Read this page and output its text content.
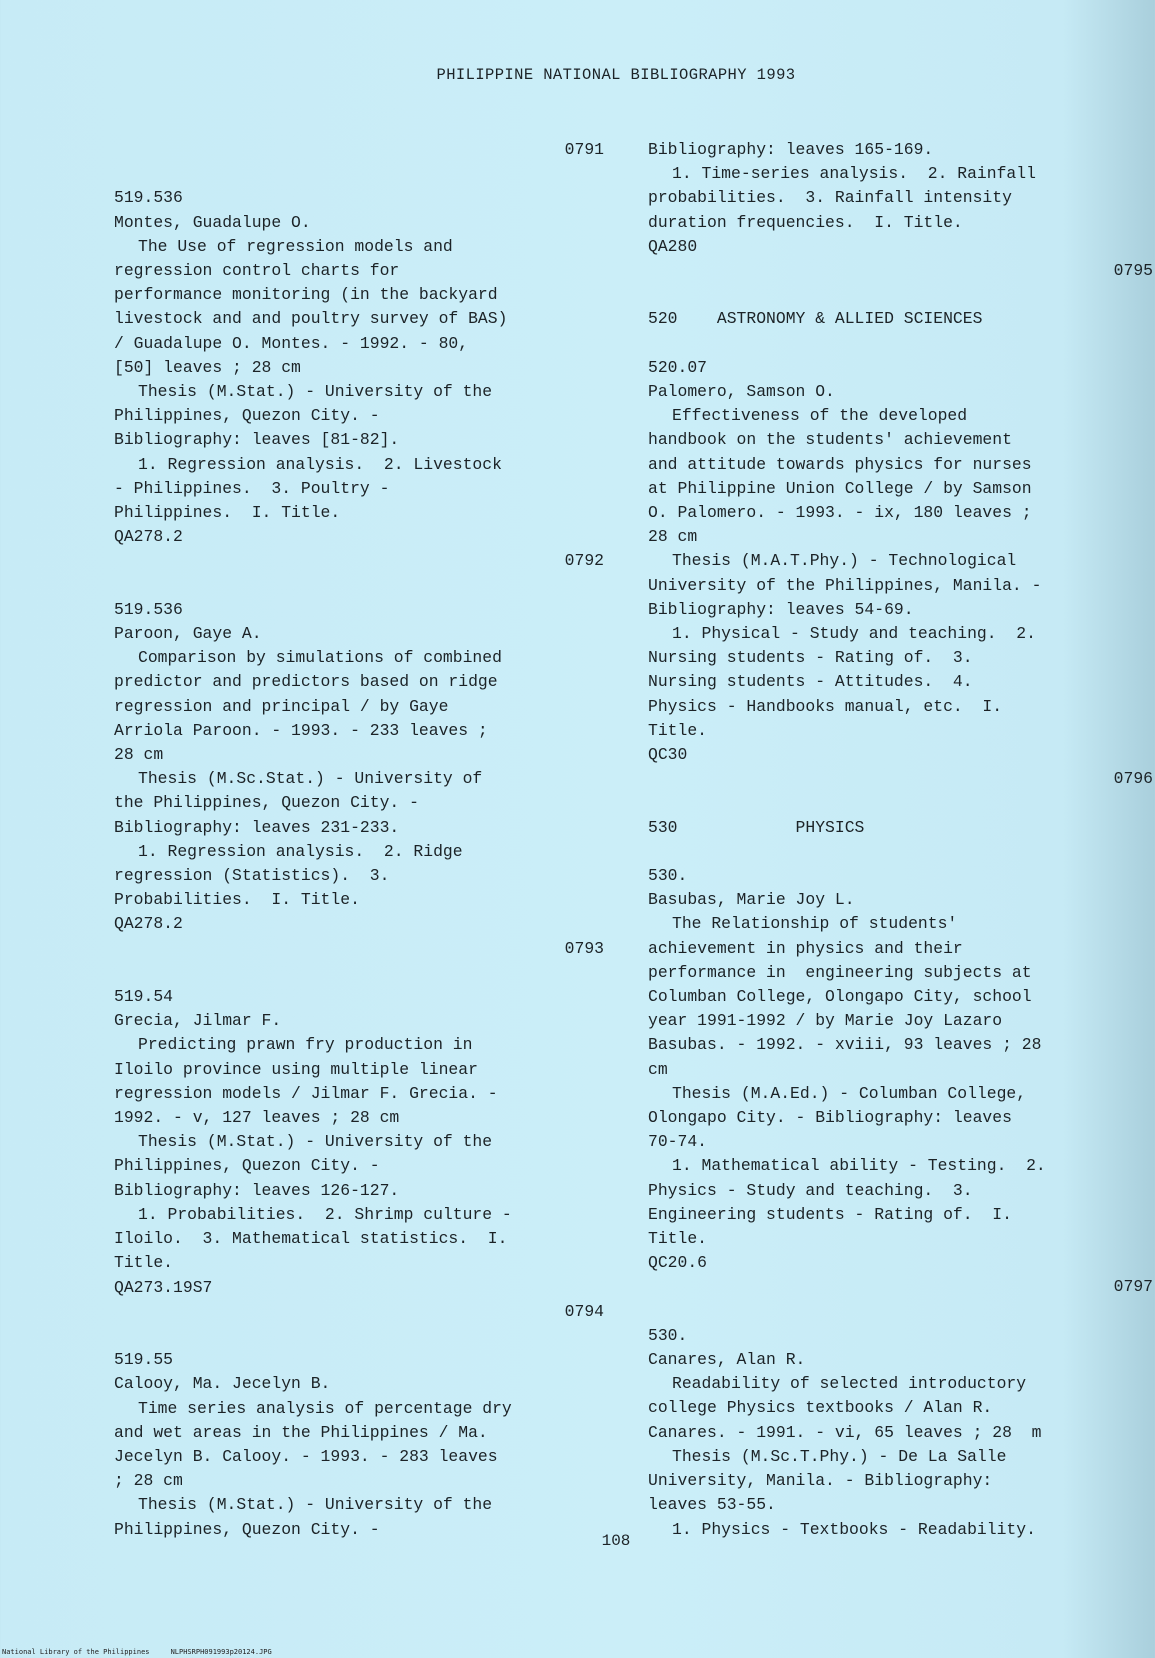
PHILIPPINE NATIONAL BIBLIOGRAPHY 1993
0791
519.536
Montes, Guadalupe O.
The Use of regression models and
regression control charts for
performance monitoring (in the backyard
livestock and and poultry survey of BAS)
/ Guadalupe O. Montes. - 1992. - 80,
[50] leaves ; 28 cm
Thesis (M.Stat.) - University of the
Philippines, Quezon City. -
Bibliography: leaves [81-82].
1. Regression analysis.  2. Livestock
- Philippines.  3. Poultry -
Philippines.  I. Title.
QA278.2
0792
519.536
Paroon, Gaye A.
Comparison by simulations of combined
predictor and predictors based on ridge
regression and principal / by Gaye
Arriola Paroon. - 1993. - 233 leaves ;
28 cm
Thesis (M.Sc.Stat.) - University of
the Philippines, Quezon City. -
Bibliography: leaves 231-233.
1. Regression analysis.  2. Ridge
regression (Statistics).  3.
Probabilities.  I. Title.
QA278.2
0793
519.54
Grecia, Jilmar F.
Predicting prawn fry production in
Iloilo province using multiple linear
regression models / Jilmar F. Grecia. -
1992. - v, 127 leaves ; 28 cm
Thesis (M.Stat.) - University of the
Philippines, Quezon City. -
Bibliography: leaves 126-127.
1. Probabilities.  2. Shrimp culture -
Iloilo.  3. Mathematical statistics.  I.
Title.
QA273.19S7
0794
519.55
Calooy, Ma. Jecelyn B.
Time series analysis of percentage dry
and wet areas in the Philippines / Ma.
Jecelyn B. Calooy. - 1993. - 283 leaves
; 28 cm
Thesis (M.Stat.) - University of the
Philippines, Quezon City. -
Bibliography: leaves 165-169.
1. Time-series analysis.  2. Rainfall
probabilities.  3. Rainfall intensity
duration frequencies.  I. Title.
QA280
0795
520    ASTRONOMY & ALLIED SCIENCES
520.07
Palomero, Samson O.
Effectiveness of the developed
handbook on the students' achievement
and attitude towards physics for nurses
at Philippine Union College / by Samson
O. Palomero. - 1993. - ix, 180 leaves ;
28 cm
Thesis (M.A.T.Phy.) - Technological
University of the Philippines, Manila. -
Bibliography: leaves 54-69.
1. Physical - Study and teaching.  2.
Nursing students - Rating of.  3.
Nursing students - Attitudes.  4.
Physics - Handbooks manual, etc.  I.
Title.
QC30
0796
530            PHYSICS
530.
Basubas, Marie Joy L.
The Relationship of students'
achievement in physics and their
performance in  engineering subjects at
Columban College, Olongapo City, school
year 1991-1992 / by Marie Joy Lazaro
Basubas. - 1992. - xviii, 93 leaves ; 28
cm
Thesis (M.A.Ed.) - Columban College,
Olongapo City. - Bibliography: leaves
70-74.
1. Mathematical ability - Testing.  2.
Physics - Study and teaching.  3.
Engineering students - Rating of.  I.
Title.
QC20.6
0797
530.
Canares, Alan R.
Readability of selected introductory
college Physics textbooks / Alan R.
Canares. - 1991. - vi, 65 leaves ; 28  m
Thesis (M.Sc.T.Phy.) - De La Salle
University, Manila. - Bibliography:
leaves 53-55.
1. Physics - Textbooks - Readability.
108
National Library of the Philippines     NLPHSRPH091993p20124.JPG
